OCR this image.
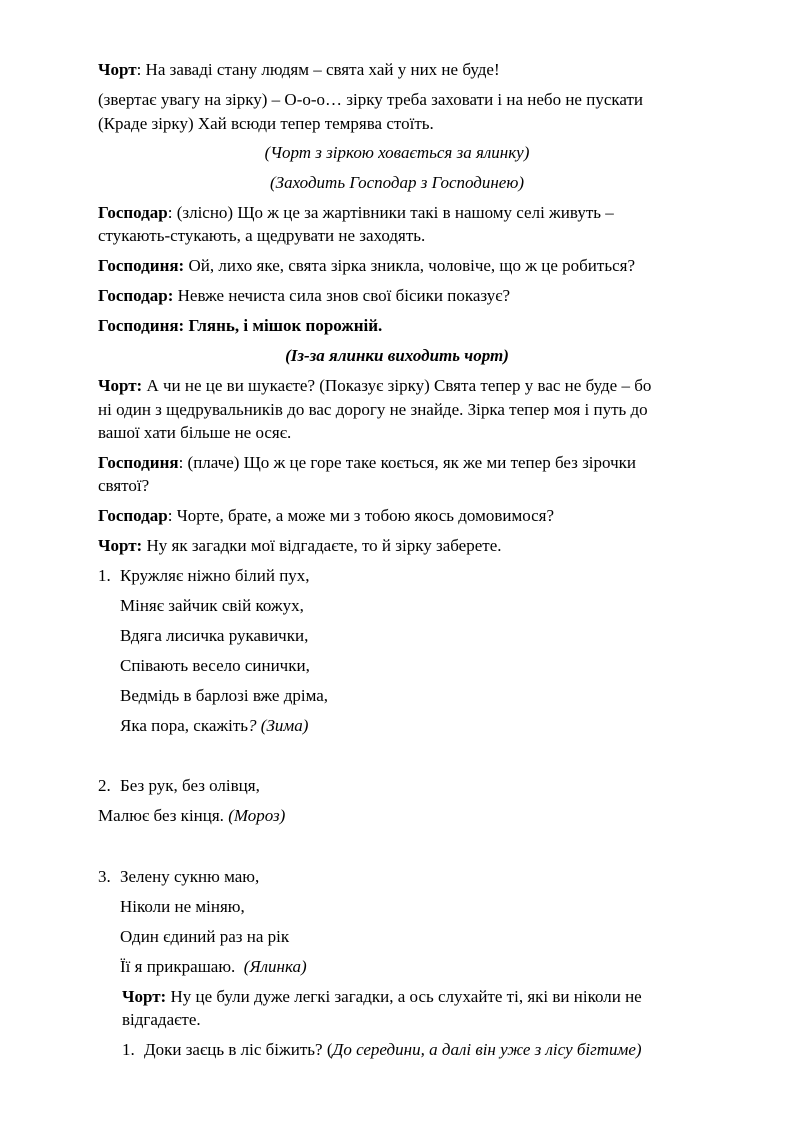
Чорт: На заваді стану людям – свята хай у них не буде!
(звертає увагу на зірку) – О-о-о… зірку треба заховати і на небо не пускати
(Краде зірку) Хай всюди тепер темрява стоїть.
(Чорт з зіркою ховається за ялинку)
(Заходить Господар з Господинею)
Господар: (злісно) Що ж це за жартівники такі в нашому селі живуть –
стукають-стукають, а щедрувати не заходять.
Господиня: Ой, лихо яке, свята зірка зникла, чоловіче, що ж це робиться?
Господар: Невже нечиста сила знов свої бісики показує?
Господиня: Глянь, і мішок порожній.
(Із-за ялинки виходить чорт)
Чорт: А чи не це ви шукаєте? (Показує зірку) Свята тепер у вас не буде – бо
ні один з щедрувальників до вас дорогу не знайде. Зірка тепер моя і путь до
вашої хати більше не осяє.
Господиня: (плаче) Що ж це горе таке коється, як же ми тепер без зірочки
святої?
Господар: Чорте, брате, а може ми з тобою якось домовимося?
Чорт: Ну як загадки мої відгадаєте, то й зірку заберете.
1. Кружляє ніжно білий пух,
Міняє зайчик свій кожух,
Вдяга лисичка рукавички,
Співають весело синички,
Ведмідь в барлозі вже дріма,
Яка пора, скажіть? (Зима)
2. Без рук, без олівця,
Малює без кінця. (Мороз)
3. Зелену сукню маю,
Ніколи не міняю,
Один єдиний раз на рік
Її я прикрашаю. (Ялинка)
Чорт: Ну це були дуже легкі загадки, а ось слухайте ті, які ви ніколи не
відгадаєте.
1. Доки заєць в ліс біжить? (До середини, а далі він уже з лісу бігтиме)
